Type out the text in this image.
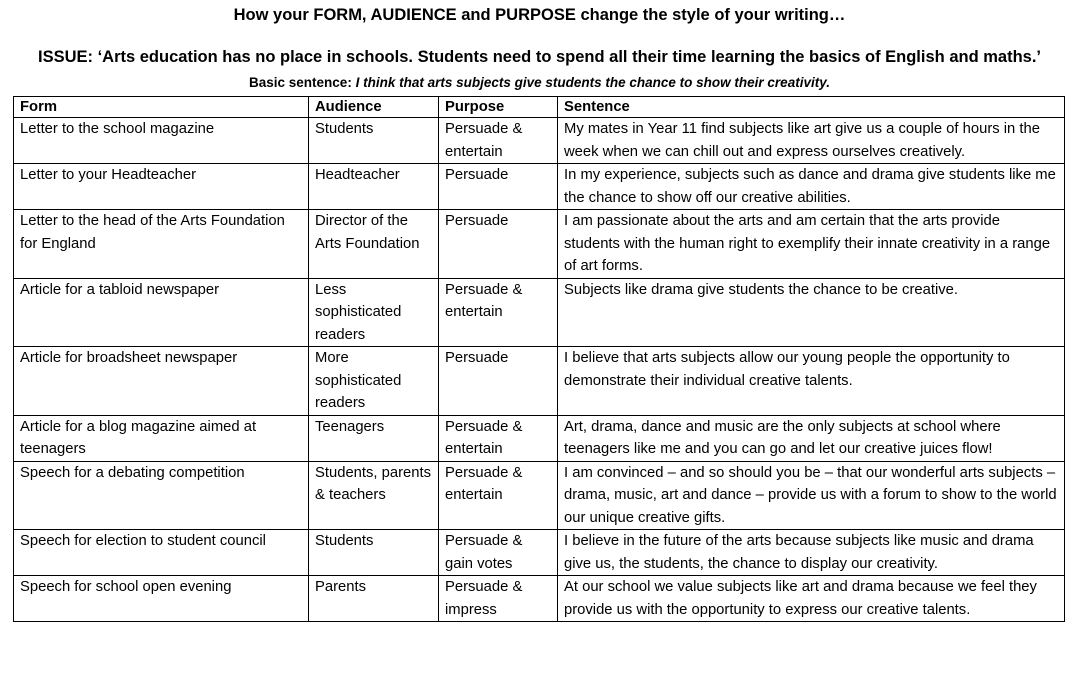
How your FORM, AUDIENCE and PURPOSE change the style of your writing…
ISSUE: ‘Arts education has no place in schools. Students need to spend all their time learning the basics of English and maths.’
Basic sentence: I think that arts subjects give students the chance to show their creativity.
Form	Audience	Purpose	Sentence
Letter to the school magazine	Students	Persuade & entertain	My mates in Year 11 find subjects like art give us a couple of hours in the week when we can chill out and express ourselves creatively.
Letter to your Headteacher	Headteacher	Persuade	In my experience, subjects such as dance and drama give students like me the chance to show off our creative abilities.
Letter to the head of the Arts Foundation for England	Director of the Arts Foundation	Persuade	I am passionate about the arts and am certain that the arts provide students with the human right to exemplify their innate creativity in a range of art forms.
Article for a tabloid newspaper	Less sophisticated readers	Persuade & entertain	Subjects like drama give students the chance to be creative.
Article for broadsheet newspaper	More sophisticated readers	Persuade	I believe that arts subjects allow our young people the opportunity to demonstrate their individual creative talents.
Article for a blog magazine aimed at teenagers	Teenagers	Persuade & entertain	Art, drama, dance and music are the only subjects at school where teenagers like me and you can go and let our creative juices flow!
Speech for a debating competition	Students, parents & teachers	Persuade & entertain	I am convinced – and so should you be – that our wonderful arts subjects – drama, music, art and dance – provide us with a forum to show to the world our unique creative gifts.
Speech for election to student council	Students	Persuade & gain votes	I believe in the future of the arts because subjects like music and drama give us, the students, the chance to display our creativity.
Speech for school open evening	Parents	Persuade & impress	At our school we value subjects like art and drama because we feel they provide us with the opportunity to express our creative talents.
